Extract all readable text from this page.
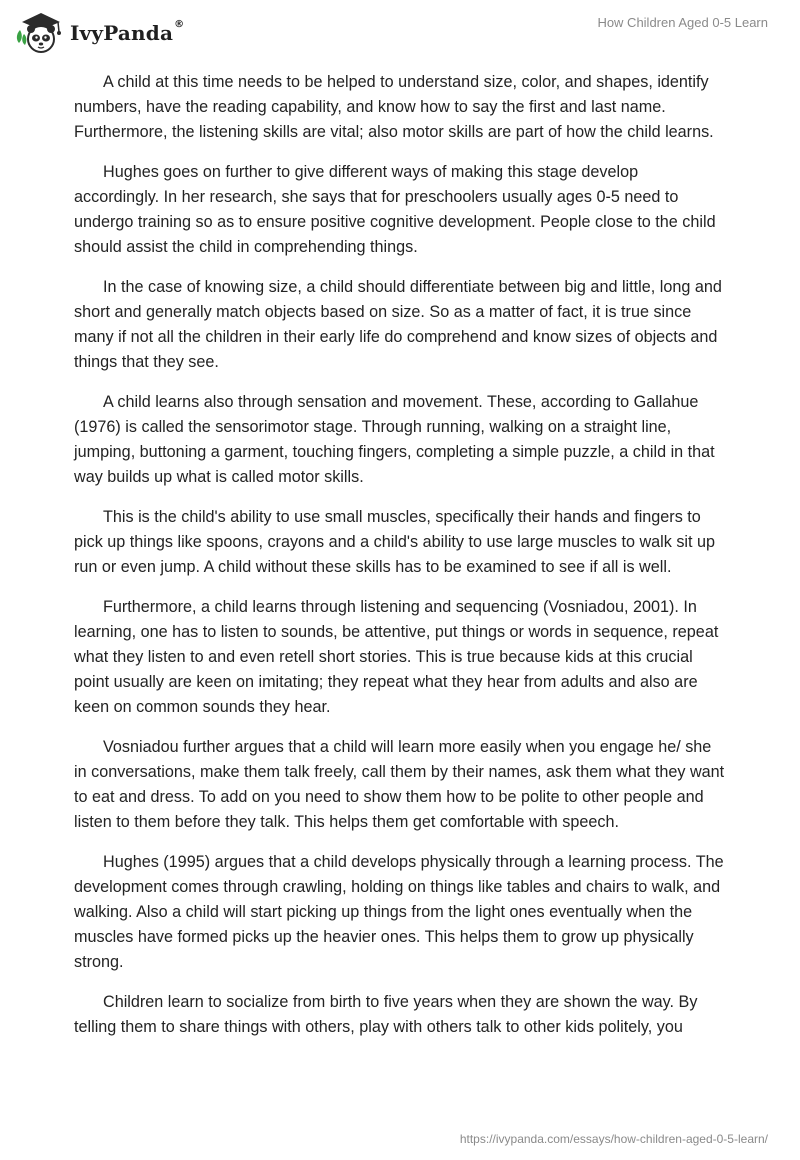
IvyPanda®	How Children Aged 0-5 Learn

A child at this time needs to be helped to understand size, color, and shapes, identify numbers, have the reading capability, and know how to say the first and last name. Furthermore, the listening skills are vital; also motor skills are part of how the child learns.

Hughes goes on further to give different ways of making this stage develop accordingly. In her research, she says that for preschoolers usually ages 0-5 need to undergo training so as to ensure positive cognitive development. People close to the child should assist the child in comprehending things.

In the case of knowing size, a child should differentiate between big and little, long and short and generally match objects based on size. So as a matter of fact, it is true since many if not all the children in their early life do comprehend and know sizes of objects and things that they see.

A child learns also through sensation and movement. These, according to Gallahue (1976) is called the sensorimotor stage. Through running, walking on a straight line, jumping, buttoning a garment, touching fingers, completing a simple puzzle, a child in that way builds up what is called motor skills.

This is the child's ability to use small muscles, specifically their hands and fingers to pick up things like spoons, crayons and a child's ability to use large muscles to walk sit up run or even jump. A child without these skills has to be examined to see if all is well.

Furthermore, a child learns through listening and sequencing (Vosniadou, 2001). In learning, one has to listen to sounds, be attentive, put things or words in sequence, repeat what they listen to and even retell short stories. This is true because kids at this crucial point usually are keen on imitating; they repeat what they hear from adults and also are keen on common sounds they hear.

Vosniadou further argues that a child will learn more easily when you engage he/ she in conversations, make them talk freely, call them by their names, ask them what they want to eat and dress. To add on you need to show them how to be polite to other people and listen to them before they talk. This helps them get comfortable with speech.

Hughes (1995) argues that a child develops physically through a learning process. The development comes through crawling, holding on things like tables and chairs to walk, and walking. Also a child will start picking up things from the light ones eventually when the muscles have formed picks up the heavier ones. This helps them to grow up physically strong.

Children learn to socialize from birth to five years when they are shown the way. By telling them to share things with others, play with others talk to other kids politely, you

https://ivypanda.com/essays/how-children-aged-0-5-learn/
